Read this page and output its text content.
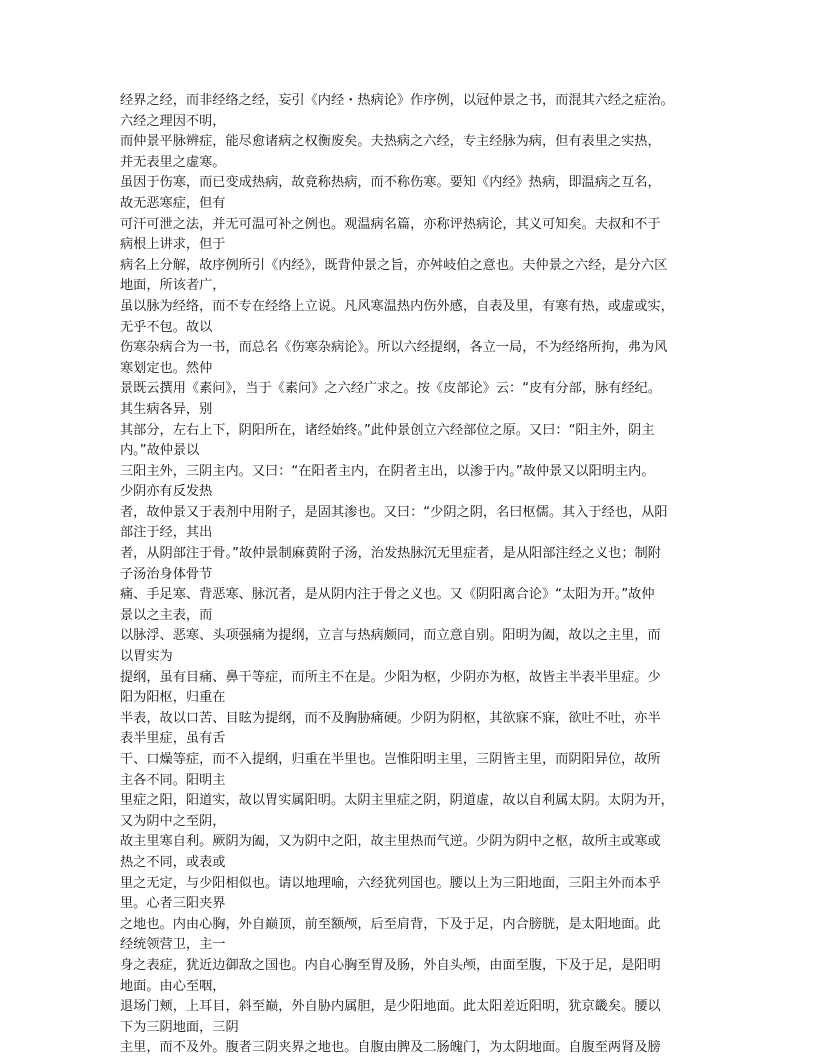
经界之经，而非经络之经，妄引《内经・热病论》作序例，以冠仲景之书，而混其六经之症治。
六经之理因不明，
而仲景平脉辨症，能尽愈诸病之权衡废矣。夫热病之六经，专主经脉为病，但有表里之实热，
并无表里之虚寒。
虽因于伤寒，而已变成热病，故竟称热病，而不称伤寒。要知《内经》热病，即温病之互名，
故无恶寒症，但有
可汗可泄之法，并无可温可补之例也。观温病名篇，亦称评热病论，其义可知矣。夫叔和不于
病根上讲求，但于
病名上分解，故序例所引《内经》，既背仲景之旨，亦舛岐伯之意也。夫仲景之六经，是分六区
地面，所该者广，
虽以脉为经络，而不专在经络上立说。凡风寒温热内伤外感，自表及里，有寒有热，或虚或实，
无乎不包。故以
伤寒杂病合为一书，而总名《伤寒杂病论》。所以六经提纲，各立一局，不为经络所拘，弗为风
寒划定也。然仲
景既云撰用《素问》，当于《素问》之六经广求之。按《皮部论》云：“皮有分部，脉有经纪。
其生病各异，别
其部分，左右上下，阴阳所在，诸经始终。”此仲景创立六经部位之原。又曰：“阳主外，阴主
内。”故仲景以
三阳主外，三阴主内。又曰：“在阳者主内，在阴者主出，以渗于内。”故仲景又以阳明主内。
少阴亦有反发热
者，故仲景又于表剂中用附子，是固其渗也。又曰：“少阴之阴，名曰枢儒。其入于经也，从阳
部注于经，其出
者，从阴部注于骨。”故仲景制麻黄附子汤，治发热脉沉无里症者，是从阳部注经之义也；制附
子汤治身体骨节
痛、手足寒、背恶寒、脉沉者，是从阴内注于骨之义也。又《阴阳离合论》“太阳为开。”故仲
景以之主表，而
以脉浮、恶寒、头项强痛为提纲，立言与热病颇同，而立意自别。阳明为阖，故以之主里，而
以胃实为
提纲，虽有目痛、鼻干等症，而所主不在是。少阳为枢，少阴亦为枢，故皆主半表半里症。少
阳为阳枢，归重在
半表，故以口苦、目眩为提纲，而不及胸胁痛硬。少阴为阴枢，其欲寐不寐，欲吐不吐，亦半
表半里症，虽有舌
干、口燥等症，而不入提纲，归重在半里也。岂惟阳明主里，三阴皆主里，而阴阳异位，故所
主各不同。阳明主
里症之阳，阳道实，故以胃实属阳明。太阴主里症之阴，阴道虚，故以自利属太阴。太阴为开，
又为阴中之至阴，
故主里寒自利。厥阴为阖，又为阴中之阳，故主里热而气逆。少阴为阴中之枢，故所主或寒或
热之不同，或表或
里之无定，与少阳相似也。请以地理喻，六经犹列国也。腰以上为三阳地面，三阳主外而本乎
里。心者三阳夹界
之地也。内由心胸，外自巅顶，前至额颅，后至肩背，下及于足，内合膀胱，是太阳地面。此
经统领营卫，主一
身之表症，犹近边御敌之国也。内自心胸至胃及肠，外自头颅，由面至腹，下及于足，是阳明
地面。由心至咽，
退场门颊，上耳目，斜至巅，外自胁内属胆，是少阳地面。此太阳差近阳明，犹京畿矣。腰以
下为三阴地面，三阴
主里，而不及外。腹者三阴夹界之地也。自腹由脾及二肠魄门，为太阴地面。自腹至两肾及膀
